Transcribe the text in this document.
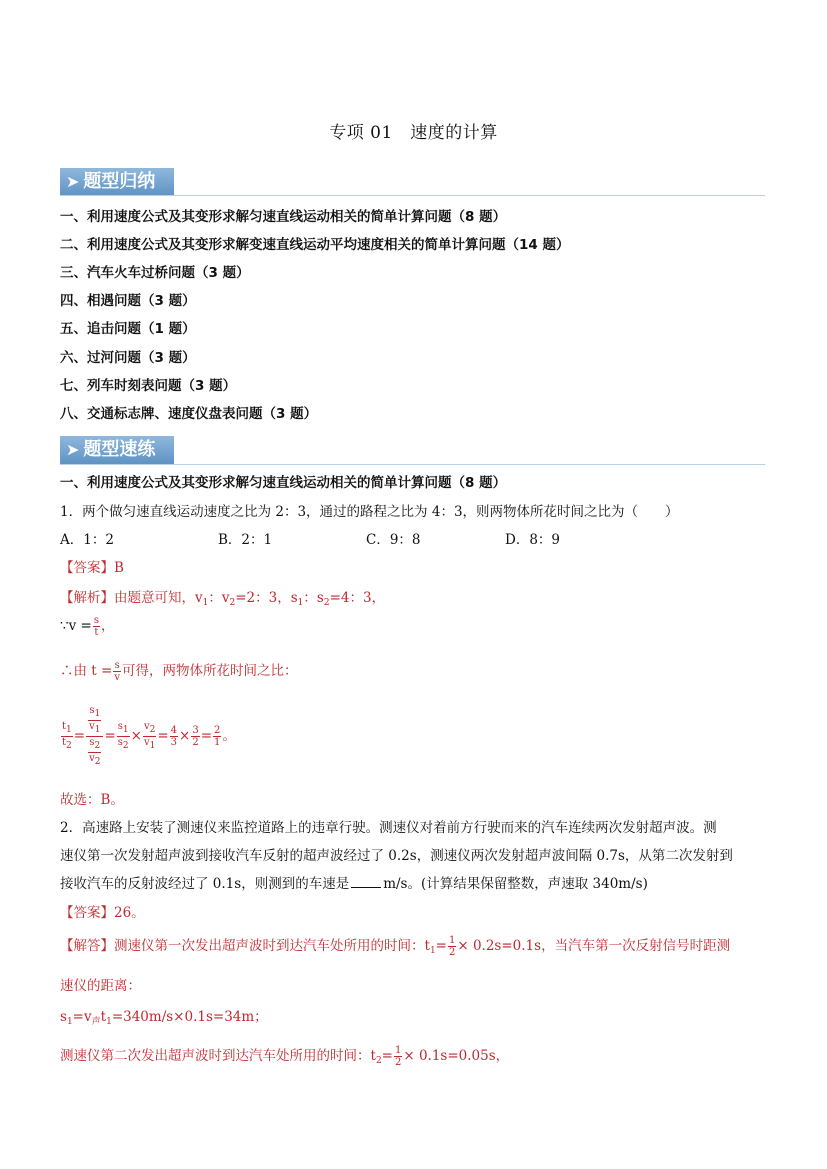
专项 01　速度的计算
➤ 题型归纳
一、利用速度公式及其变形求解匀速直线运动相关的简单计算问题（8 题）
二、利用速度公式及其变形求解变速直线运动平均速度相关的简单计算问题（14 题）
三、汽车火车过桥问题（3 题）
四、相遇问题（3 题）
五、追击问题（1 题）
六、过河问题（3 题）
七、列车时刻表问题（3 题）
八、交通标志牌、速度仪盘表问题（3 题）
➤ 题型速练
一、利用速度公式及其变形求解匀速直线运动相关的简单计算问题（8 题）
1．两个做匀速直线运动速度之比为 2：3，通过的路程之比为 4：3，则两物体所花时间之比为（　　）
A．1：2	B．2：1	C．9：8	D．8：9
【答案】B
【解析】由题意可知，$v_1$：$v_2=2$：3，$s_1$：$s_2=4$：3，
∵v = $\frac{s}{t}$ ，
∴由 $t = \frac{s}{v}$ 可得，两物体所花时间之比：
$\frac{t1}{t2} = \frac{\frac{s1}{v1}}{\frac{s2}{v2}} = \frac{s1}{s2} \times \frac{v2}{v1} = \frac{4}{3} \times \frac{3}{2} = \frac{2}{1}$ 。
故选：B。
2．高速路上安装了测速仪来监控道路上的违章行驶。测速仪对着前方行驶而来的汽车连续两次发射超声波。测
速仪第一次发射超声波到接收汽车反射的超声波经过了 0.2s，测速仪两次发射超声波间隔 0.7s，从第二次发射到
接收汽车的反射波经过了 0.1s，则测到的车速是	m/s。(计算结果保留整数，声速取 340m/s)
【答案】26。
【解答】测速仪第一次发出超声波时到达汽车处所用的时间：$t_1= \frac{1}{2} \times 0.2s=0.1s$，当汽车第一次反射信号时距测
速仪的距离：
$s_1=v_声t_1=340m/s\times 0.1s=34m$；
测速仪第二次发出超声波时到达汽车处所用的时间：$t_2= \frac{1}{2} \times 0.1s=0.05s$，
